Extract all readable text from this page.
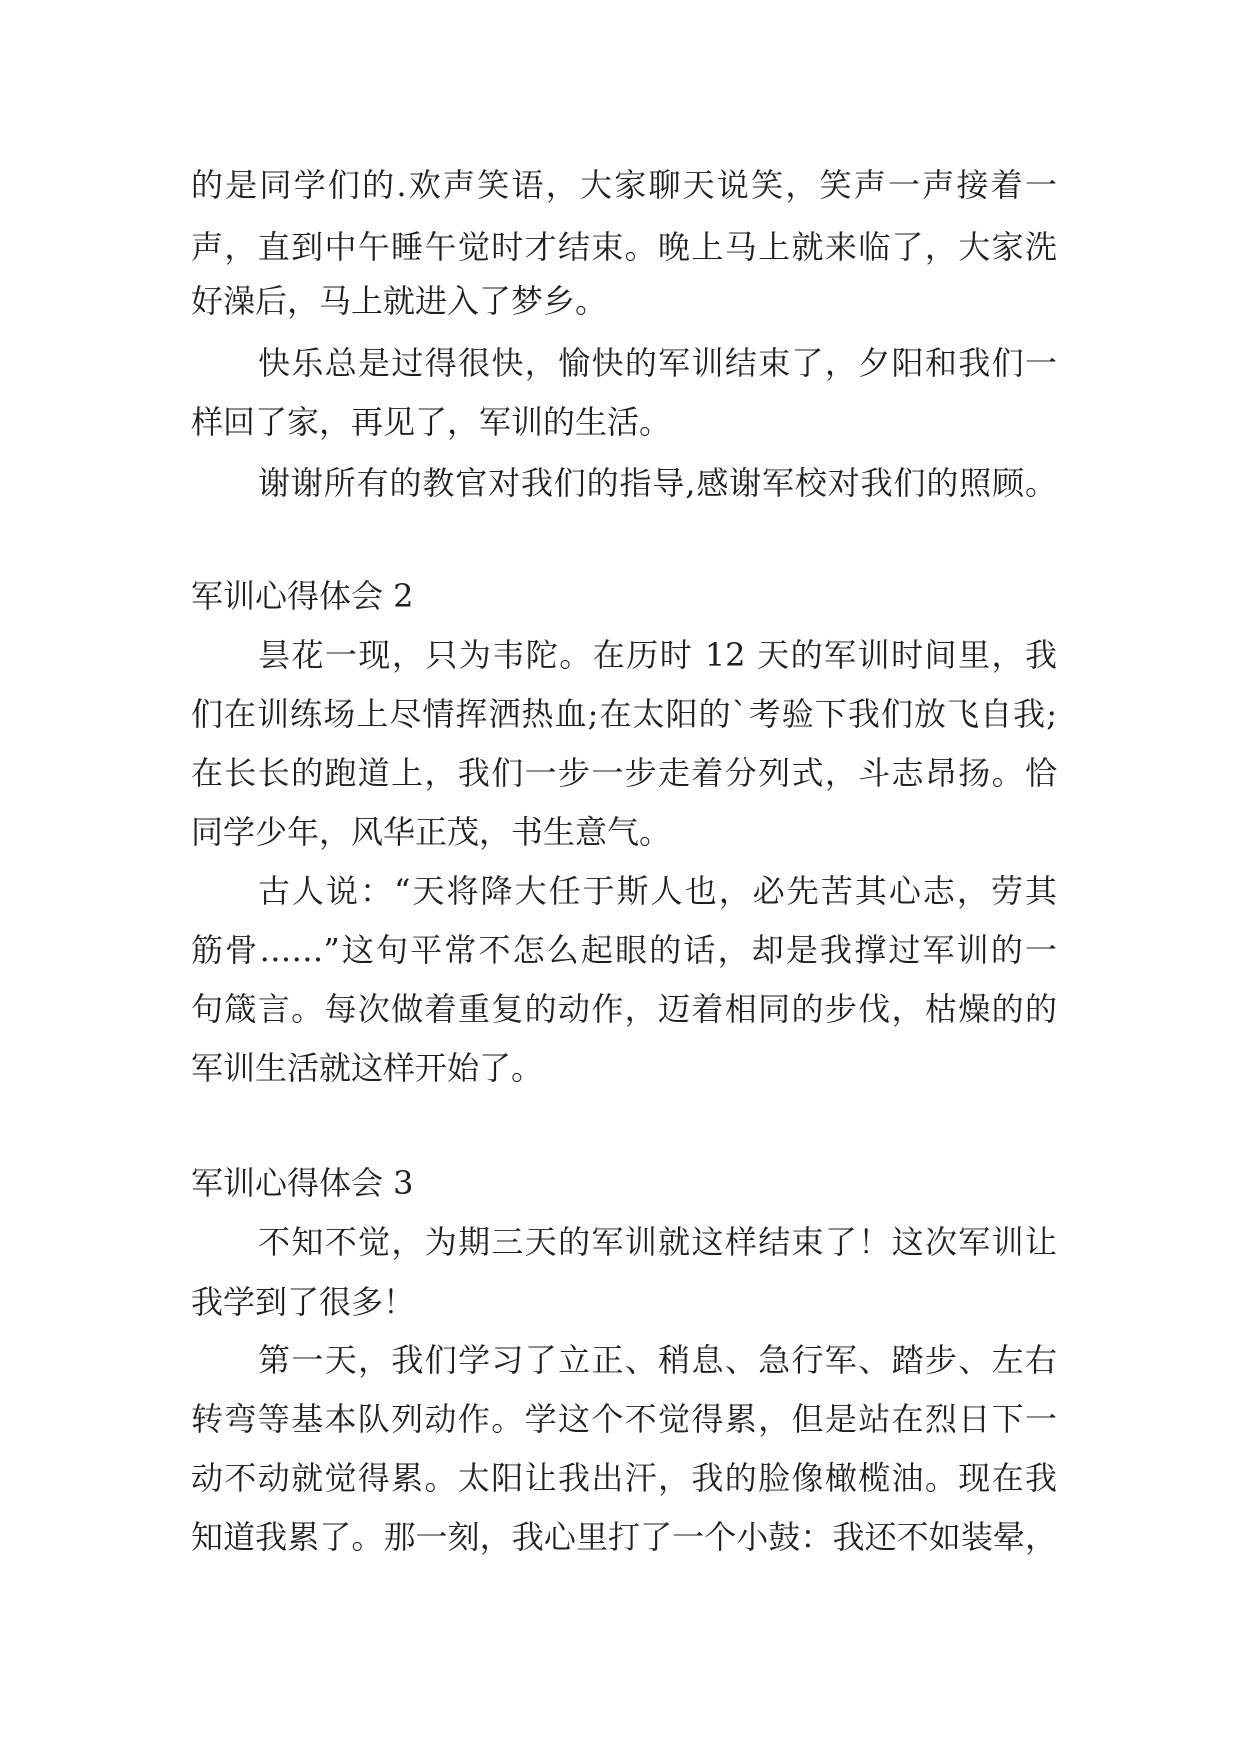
的是同学们的.欢声笑语，大家聊天说笑，笑声一声接着一
声，直到中午睡午觉时才结束。晚上马上就来临了，大家洗
好澡后，马上就进入了梦乡。
快乐总是过得很快，愉快的军训结束了，夕阳和我们一
样回了家，再见了，军训的生活。
谢谢所有的教官对我们的指导,感谢军校对我们的照顾。
军训心得体会 2
昙花一现，只为韦陀。在历时 12 天的军训时间里，我
们在训练场上尽情挥洒热血;在太阳的`考验下我们放飞自我;
在长长的跑道上，我们一步一步走着分列式，斗志昂扬。恰
同学少年，风华正茂，书生意气。
古人说：“天将降大任于斯人也，必先苦其心志，劳其
筋骨……”这句平常不怎么起眼的话，却是我撑过军训的一
句箴言。每次做着重复的动作，迈着相同的步伐，枯燥的的
军训生活就这样开始了。
军训心得体会 3
不知不觉，为期三天的军训就这样结束了！这次军训让
我学到了很多！
第一天，我们学习了立正、稍息、急行军、踏步、左右
转弯等基本队列动作。学这个不觉得累，但是站在烈日下一
动不动就觉得累。太阳让我出汗，我的脸像橄榄油。现在我
知道我累了。那一刻，我心里打了一个小鼓：我还不如装晕，
